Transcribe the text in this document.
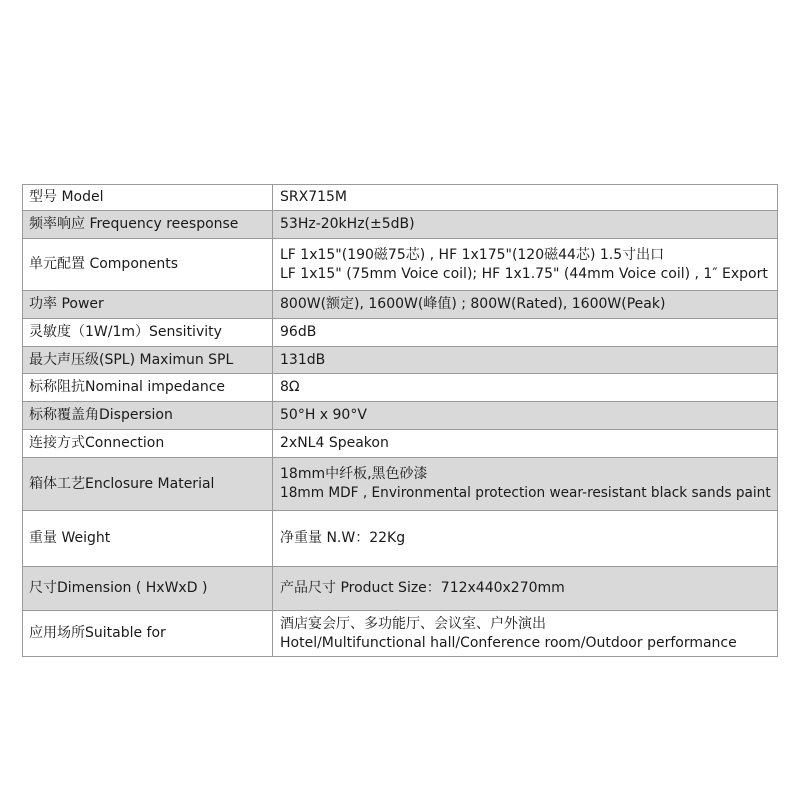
型号 Model	SRX715M

频率响应 Frequency reesponse	53Hz-20kHz(±5dB)

单元配置 Components	LF 1x15"(190磁75芯) , HF 1x175"(120磁44芯) 1.5寸出口
LF 1x15" (75mm Voice coil); HF 1x1.75" (44mm Voice coil) , 1″ Export

功率 Power	800W(额定), 1600W(峰值) ; 800W(Rated), 1600W(Peak)

灵敏度（1W/1m）Sensitivity	96dB

最大声压级(SPL) Maximun SPL	131dB

标称阻抗Nominal impedance	8Ω

标称覆盖角Dispersion	50°H x 90°V

连接方式Connection	2xNL4 Speakon

箱体工艺Enclosure Material	18mm中纤板,黑色砂漆
18mm MDF , Environmental protection wear-resistant black sands paint

重量 Weight	净重量 N.W：22Kg

尺寸Dimension ( HxWxD )	产品尺寸 Product Size：712x440x270mm

应用场所Suitable for	酒店宴会厅、多功能厅、会议室、户外演出
Hotel/Multifunctional hall/Conference room/Outdoor performance
